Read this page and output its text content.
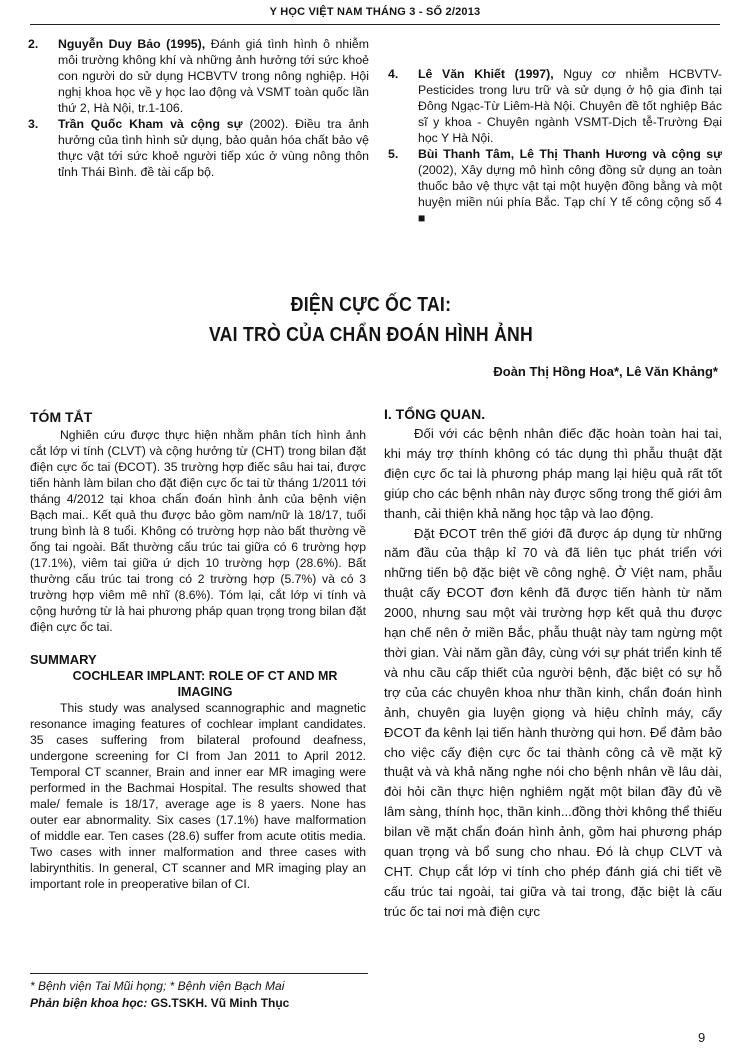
Y HỌC VIỆT NAM THÁNG 3 - SỐ 2/2013
2.	Nguyễn Duy Bảo (1995), Đánh giá tình hình ô nhiễm môi trường không khí và những ảnh hưởng tới sức khoẻ con người do sử dụng HCBVTV trong nông nghiệp. Hội nghị khoa học về y học lao động và VSMT toàn quốc lần thứ 2, Hà Nội, tr.1-106.
3.	Trần Quốc Kham và cộng sự (2002). Điều tra ảnh hưởng của tình hình sử dụng, bảo quản hóa chất bảo vệ thực vật tới sức khoẻ người tiếp xúc ở vùng nông thôn tỉnh Thái Bình. đề tài cấp bộ.
4.	Lê Văn Khiết (1997), Nguy cơ nhiễm HCBVTV-Pesticides trong lưu trữ và sử dụng ở hộ gia đình tại Đông Ngạc-Từ Liêm-Hà Nội. Chuyên đề tốt nghiệp Bác sĩ y khoa - Chuyên ngành VSMT-Dịch tễ-Trường Đại học Y Hà Nội.
5.	Bùi Thanh Tâm, Lê Thị Thanh Hương và cộng sự (2002), Xây dựng mô hình công đồng sử dụng an toàn thuốc bảo vệ thực vật tại một huyện đồng bằng và một huyện miền núi phía Bắc. Tạp chí Y tế công cộng số 4 ■
ĐIỆN CỰC ỐC TAI:
VAI TRÒ CỦA CHẨN ĐOÁN HÌNH ẢNH
Đoàn Thị Hồng Hoa*, Lê Văn Khảng*
TÓM TẮT

Nghiên cứu được thực hiện nhằm phân tích hình ảnh cắt lớp vi tính (CLVT) và cộng hưởng từ (CHT) trong bilan đặt điện cực ốc tai (ĐCOT). 35 trường hợp điếc sâu hai tai, được tiến hành làm bilan cho đặt điện cực ốc tai từ tháng 1/2011 tới tháng 4/2012 tại khoa chẩn đoán hình ảnh của bệnh viện Bạch mai.. Kết quả thu được bảo gồm nam/nữ là 18/17, tuổi trung bình là 8 tuổi. Không có trường hợp nào bất thường về ống tai ngoài. Bất thường cấu trúc tai giữa có 6 trường hợp (17.1%), viêm tai giữa ứ dịch 10 trường hợp (28.6%). Bất thường cấu trúc tai trong có 2 trường hợp (5.7%) và có 3 trường hợp viêm mê nhĩ (8.6%). Tóm lại, cắt lớp vi tính và cộng hưởng từ là hai phương pháp quan trọng trong bilan đặt điện cực ốc tai.

SUMMARY
COCHLEAR IMPLANT: ROLE OF CT AND MR IMAGING

This study was analysed scannographic and magnetic resonance imaging features of cochlear implant candidates. 35 cases suffering from bilateral profound deafness, undergone screening for CI from Jan 2011 to April 2012. Temporal CT scanner, Brain and inner ear MR imaging were performed in the Bachmai Hospital. The results showed that male/ female is 18/17, average age is 8 yaers. None has outer ear abnormality. Six cases (17.1%) have malformation of middle ear. Ten cases (28.6) suffer from acute otitis media. Two cases with inner malformation and three cases with labirynthitis. In general, CT scanner and MR imaging play an important role in preoperative bilan of CI.

* Bệnh viện Tai Mũi họng; * Bệnh viện Bạch Mai
Phản biện khoa học: GS.TSKH. Vũ Minh Thục
I. TỔNG QUAN.

Đối với các bệnh nhân điếc đặc hoàn toàn hai tai, khi máy trợ thính không có tác dụng thì phẫu thuật đặt điện cực ốc tai là phương pháp mang lại hiệu quả rất tốt giúp cho các bệnh nhân này được sống trong thế giới âm thanh, cải thiện khả năng học tập và lao động.

Đặt ĐCOT trên thế giới đã được áp dụng từ những năm đầu của thập kỉ 70 và đã liên tục phát triển với những tiến bộ đặc biệt về công nghệ. Ở Việt nam, phẫu thuật cấy ĐCOT đơn kênh đã được tiến hành từ năm 2000, nhưng sau một vài trường hợp kết quả thu được hạn chế nên ở miền Bắc, phẫu thuật này tam ngừng một thời gian. Vài năm gần đây, cùng với sự phát triển kinh tế và nhu cầu cấp thiết của người bệnh, đặc biệt có sự hỗ trợ của các chuyên khoa như thần kinh, chẩn đoán hình ảnh, chuyên gia luyện giọng và hiệu chỉnh máy, cấy ĐCOT đa kênh lại tiến hành thường qui hơn. Để đảm bảo cho việc cấy điện cực ốc tai thành công cả về mặt kỹ thuật và và khả năng nghe nói cho bệnh nhân về lâu dài, đòi hỏi cần thực hiện nghiêm ngặt một bilan đầy đủ về lâm sàng, thính học, thần kinh...đồng thời không thể thiếu bilan về mặt chẩn đoán hình ảnh, gồm hai phương pháp quan trọng và bổ sung cho nhau. Đó là chụp CLVT và CHT. Chụp cắt lớp vi tính cho phép đánh giá chi tiết về cấu trúc tai ngoài, tai giữa và tai trong, đặc biệt là cấu trúc ốc tai nơi mà điện cực

9
